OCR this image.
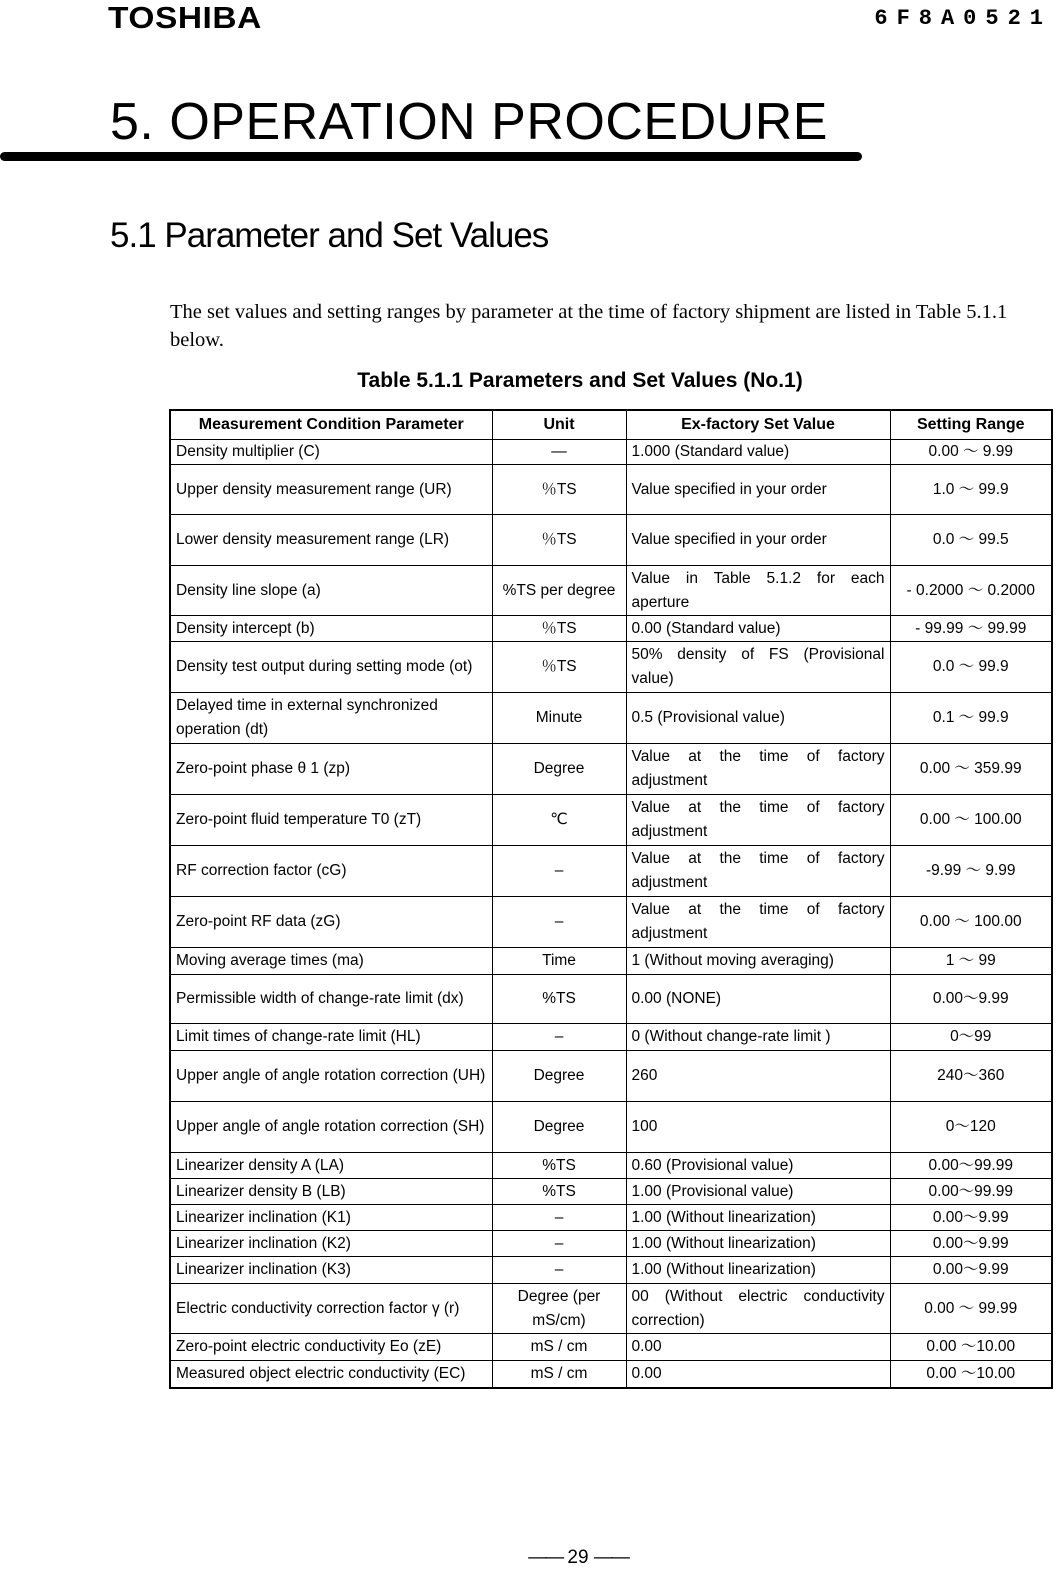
TOSHIBA	6F8A0521
5. OPERATION PROCEDURE
5.1 Parameter and Set Values
The set values and setting ranges by parameter at the time of factory shipment are listed in Table 5.1.1 below.
Table 5.1.1 Parameters and Set Values (No.1)
Measurement Condition Parameter	Unit	Ex-factory Set Value	Setting Range
Density multiplier (C)	—	1.000 (Standard value)	0.00 ～ 9.99
Upper density measurement range (UR)	％TS	Value specified in your order	1.0 ～ 99.9
Lower density measurement range (LR)	％TS	Value specified in your order	0.0 ～ 99.5
Density line slope (a)	%TS per degree	Value in Table 5.1.2 for each aperture	- 0.2000 ～ 0.2000
Density intercept (b)	％TS	0.00 (Standard value)	- 99.99 ～ 99.99
Density test output during setting mode (ot)	％TS	50% density of FS (Provisional value)	0.0 ～ 99.9
Delayed time in external synchronized operation (dt)	Minute	0.5 (Provisional value)	0.1 ～ 99.9
Zero-point phase θ 1 (zp)	Degree	Value at the time of factory adjustment	0.00 ～ 359.99
Zero-point fluid temperature T0 (zT)	℃	Value at the time of factory adjustment	0.00 ～ 100.00
RF correction factor (cG)	–	Value at the time of factory adjustment	-9.99 ～ 9.99
Zero-point RF data (zG)	–	Value at the time of factory adjustment	0.00 ～ 100.00
Moving average times (ma)	Time	1 (Without moving averaging)	1 ～ 99
Permissible width of change-rate limit (dx)	%TS	0.00 (NONE)	0.00～9.99
Limit times of change-rate limit (HL)	–	0 (Without change-rate limit )	0～99
Upper angle of angle rotation correction (UH)	Degree	260	240～360
Upper angle of angle rotation correction (SH)	Degree	100	0～120
Linearizer density A (LA)	%TS	0.60 (Provisional value)	0.00～99.99
Linearizer density B (LB)	%TS	1.00 (Provisional value)	0.00～99.99
Linearizer inclination (K1)	–	1.00 (Without linearization)	0.00～9.99
Linearizer inclination (K2)	–	1.00 (Without linearization)	0.00～9.99
Linearizer inclination (K3)	–	1.00 (Without linearization)	0.00～9.99
Electric conductivity correction factor γ (r)	Degree (per mS/cm)	00 (Without electric conductivity correction)	0.00 ～ 99.99
Zero-point electric conductivity Eo (zE)	mS / cm	0.00	0.00 ～10.00
Measured object electric conductivity (EC)	mS / cm	0.00	0.00 ～10.00
—— 29 ——
